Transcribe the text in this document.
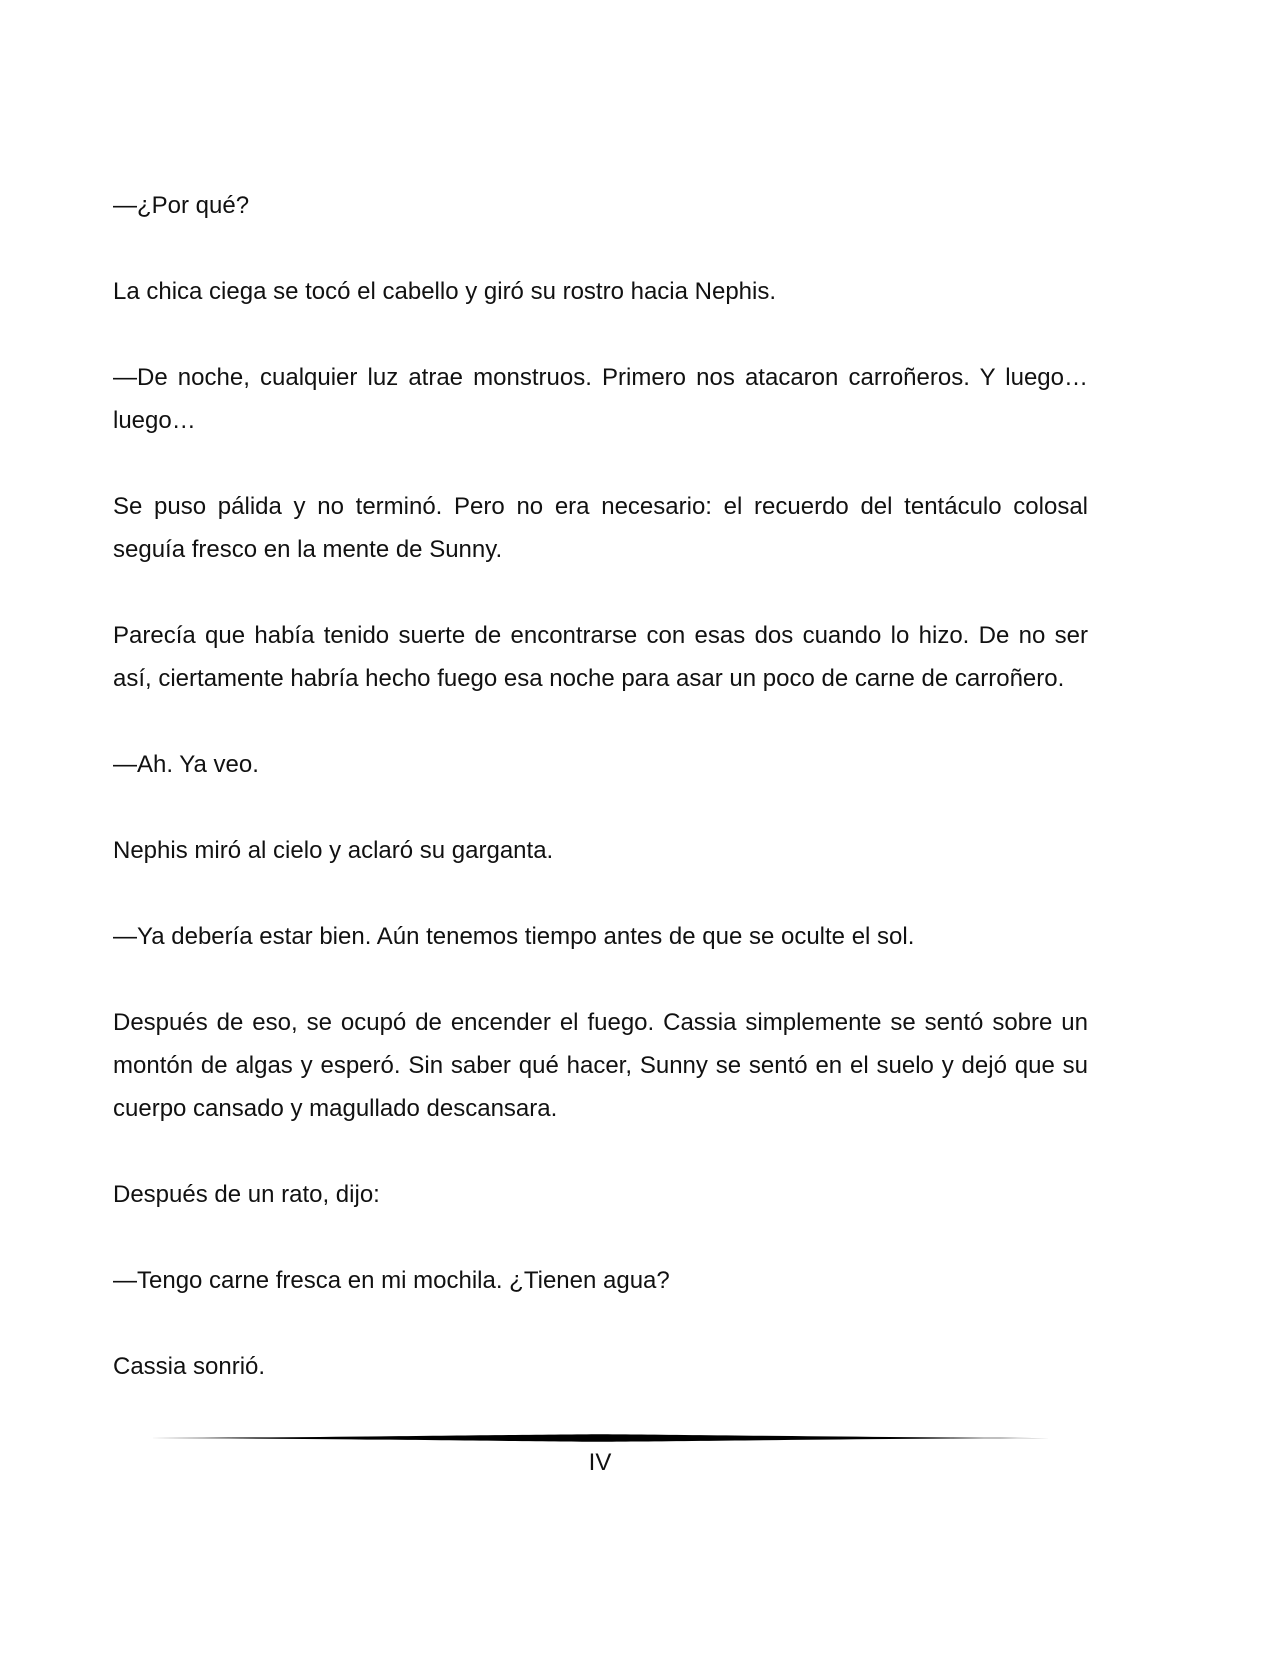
—¿Por qué?

La chica ciega se tocó el cabello y giró su rostro hacia Nephis.

—De noche, cualquier luz atrae monstruos. Primero nos atacaron carroñeros. Y luego… luego…

Se puso pálida y no terminó. Pero no era necesario: el recuerdo del tentáculo colosal seguía fresco en la mente de Sunny.

Parecía que había tenido suerte de encontrarse con esas dos cuando lo hizo. De no ser así, ciertamente habría hecho fuego esa noche para asar un poco de carne de carroñero.

—Ah. Ya veo.

Nephis miró al cielo y aclaró su garganta.

—Ya debería estar bien. Aún tenemos tiempo antes de que se oculte el sol.

Después de eso, se ocupó de encender el fuego. Cassia simplemente se sentó sobre un montón de algas y esperó. Sin saber qué hacer, Sunny se sentó en el suelo y dejó que su cuerpo cansado y magullado descansara.

Después de un rato, dijo:

—Tengo carne fresca en mi mochila. ¿Tienen agua?

Cassia sonrió.

IV
